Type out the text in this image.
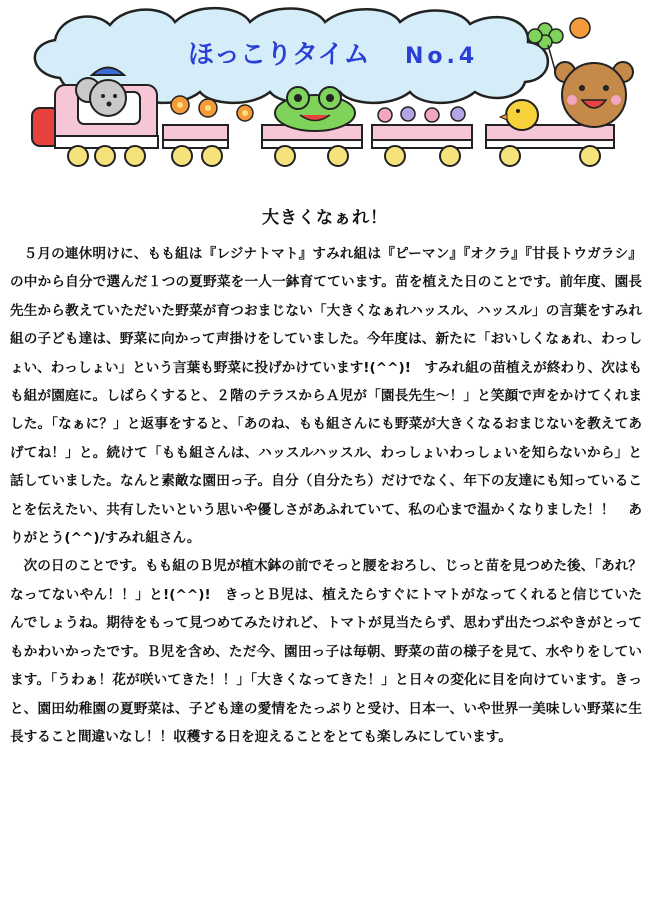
ほっこりタイム No.4
大きくなぁれ！

５月の連休明けに、もも組は『レジナトマト』すみれ組は『ピーマン』『オクラ』『甘長トウガラシ』の中から自分で選んだ１つの夏野菜を一人一鉢育てています。苗を植えた日のことです。前年度、園長先生から教えていただいた野菜が育つおまじない「大きくなぁれハッスル、ハッスル」の言葉をすみれ組の子ども達は、野菜に向かって声掛けをしていました。今年度は、新たに「おいしくなぁれ、わっしょい、わっしょい」という言葉も野菜に投げかけています!(^^)!　すみれ組の苗植えが終わり、次はもも組が園庭に。しばらくすると、２階のテラスからＡ児が「園長先生～！」と笑顔で声をかけてくれました。「なぁに？」と返事をすると、「あのね、もも組さんにも野菜が大きくなるおまじないを教えてあげてね！」と。続けて「もも組さんは、ハッスルハッスル、わっしょいわっしょいを知らないから」と話していました。なんと素敵な園田っ子。自分（自分たち）だけでなく、年下の友達にも知っていることを伝えたい、共有したいという思いや優しさがあふれていて、私の心まで温かくなりました！！　ありがとう(^^)/すみれ組さん。

次の日のことです。もも組のＢ児が植木鉢の前でそっと腰をおろし、じっと苗を見つめた後、「あれ？なってないやん！！」と!(^^)!　きっとＢ児は、植えたらすぐにトマトがなってくれると信じていたんでしょうね。期待をもって見つめてみたけれど、トマトが見当たらず、思わず出たつぶやきがとってもかわいかったです。Ｂ児を含め、ただ今、園田っ子は毎朝、野菜の苗の様子を見て、水やりをしています。「うわぁ！花が咲いてきた！！」「大きくなってきた！」と日々の変化に目を向けています。きっと、園田幼稚園の夏野菜は、子ども達の愛情をたっぷりと受け、日本一、いや世界一美味しい野菜に生長すること間違いなし！！収穫する日を迎えることをとても楽しみにしています。
